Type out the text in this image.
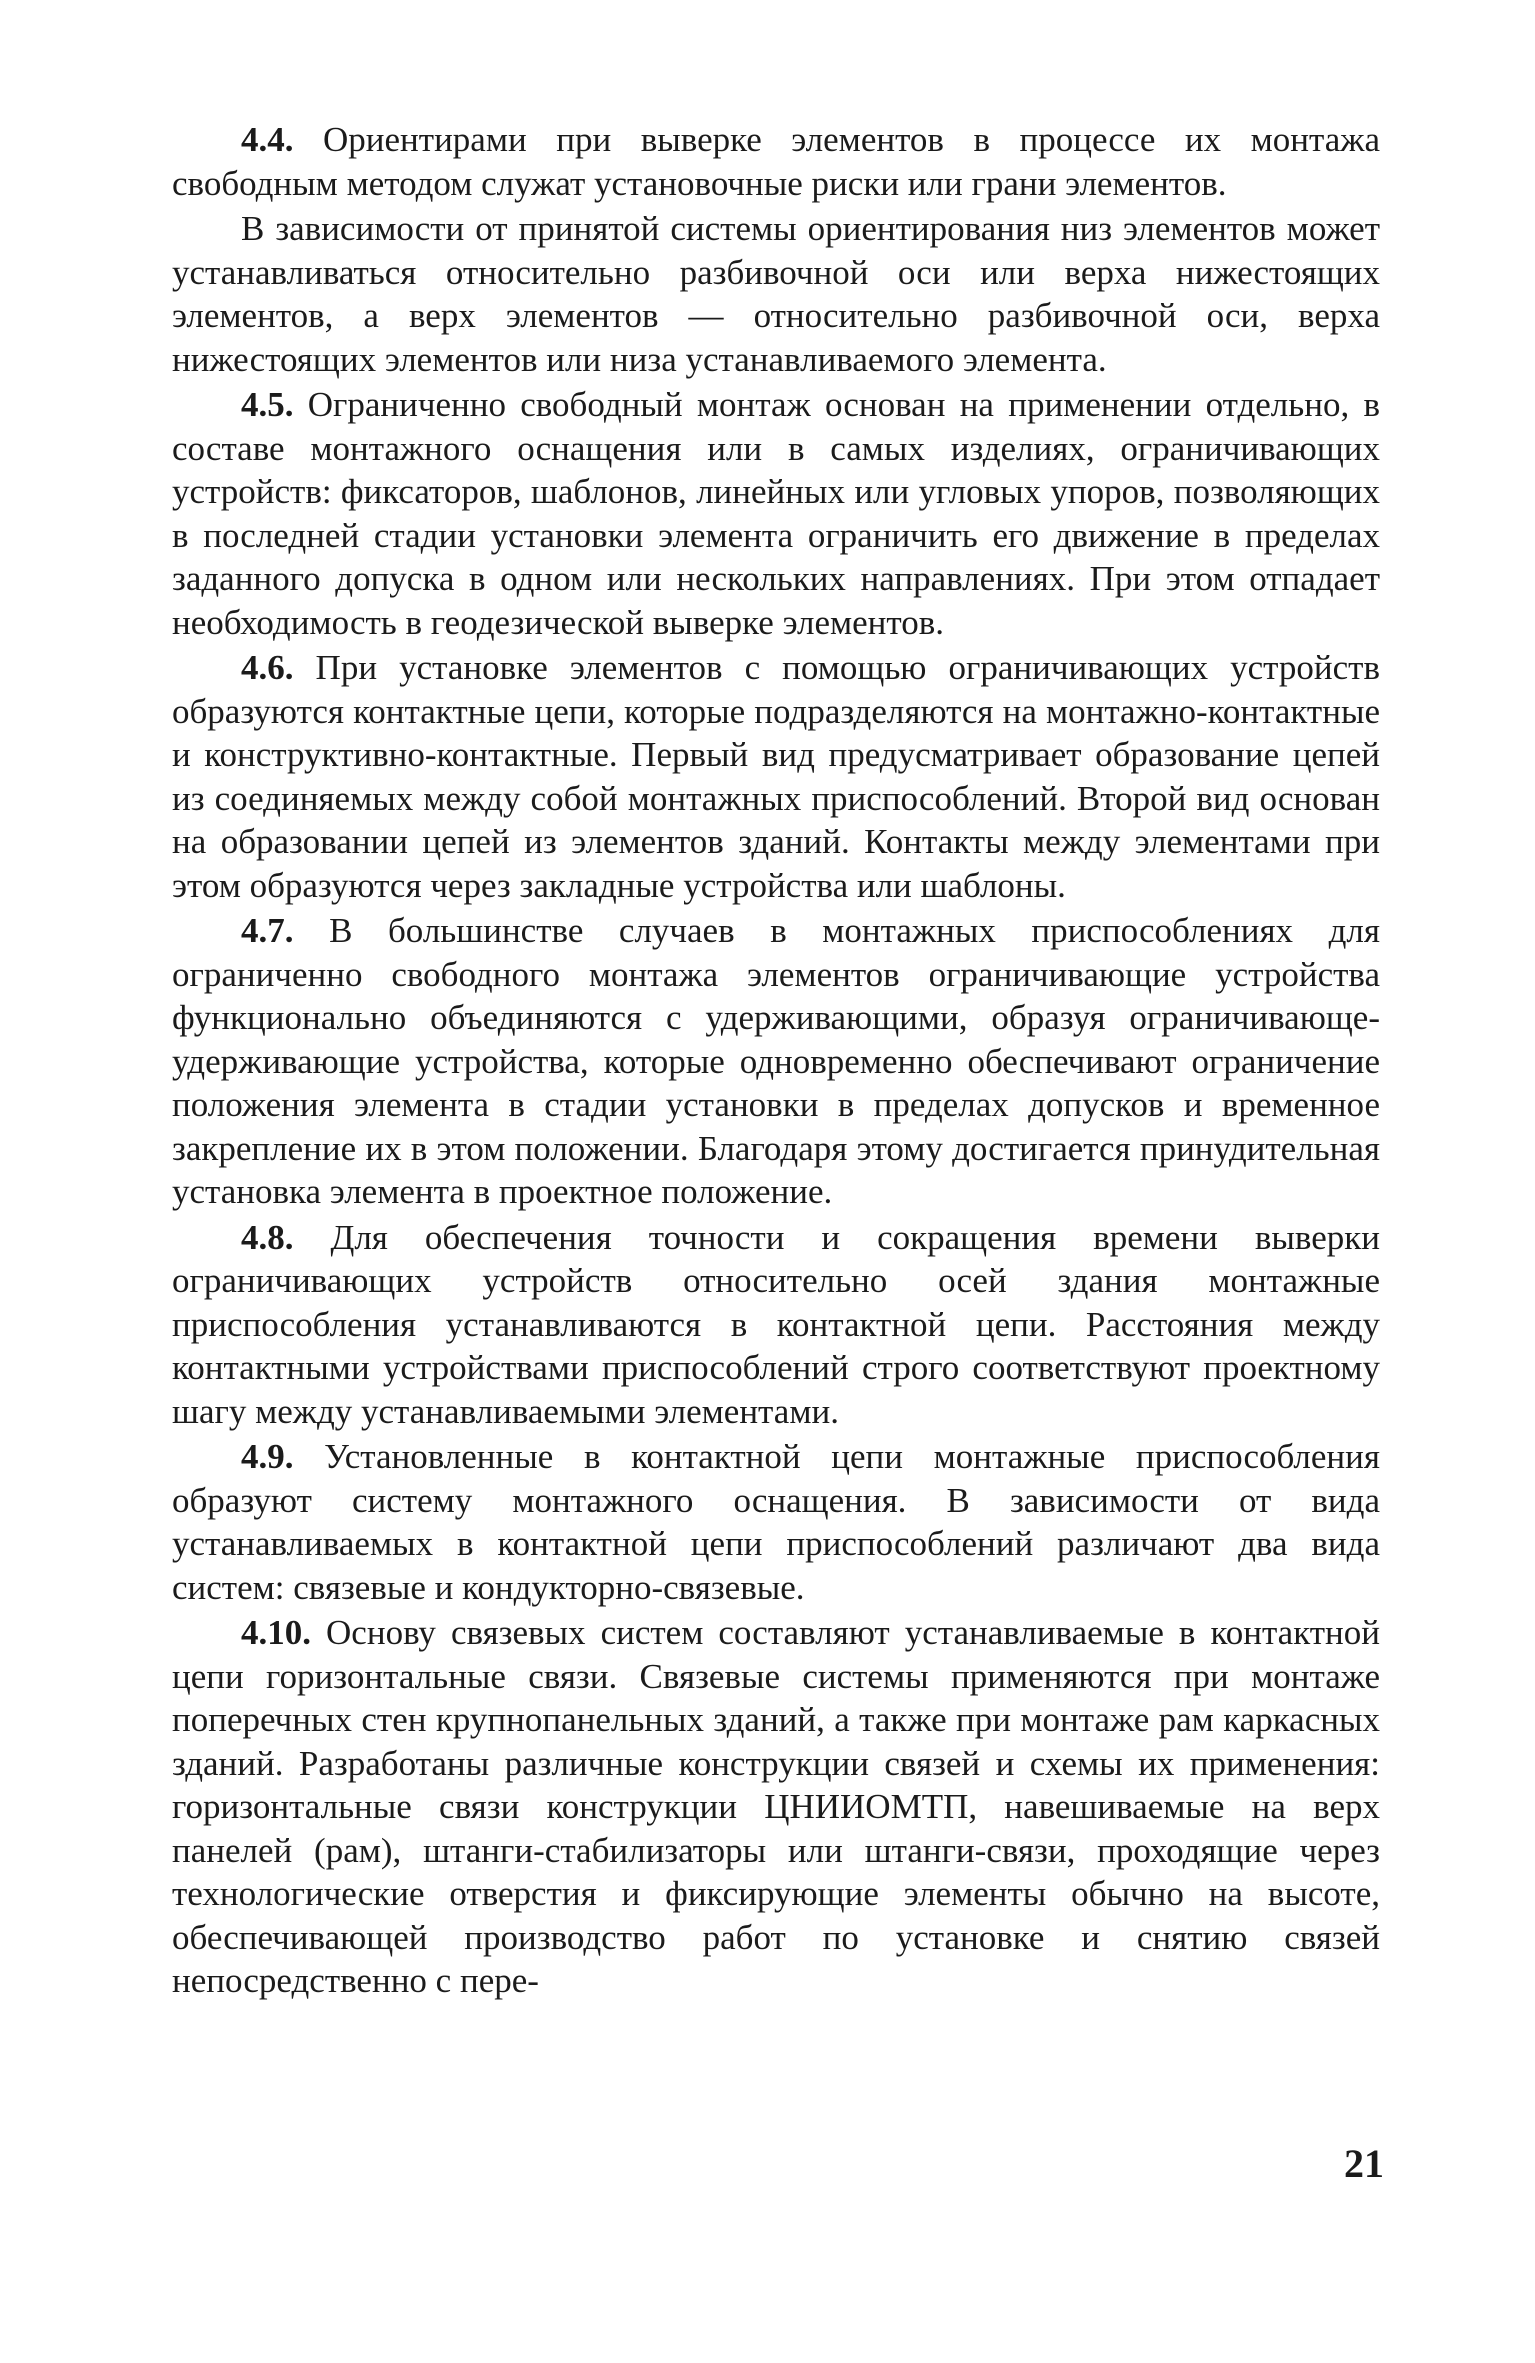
4.4. Ориентирами при выверке элементов в процессе их монтажа свободным методом служат установочные риски или грани элементов.

В зависимости от принятой системы ориентирования низ элементов может устанавливаться относительно разбивочной оси или верха нижестоящих элементов, а верх элементов — относительно разбивочной оси, верха нижестоящих элементов или низа устанавливаемого элемента.

4.5. Ограниченно свободный монтаж основан на применении отдельно, в составе монтажного оснащения или в самых изделиях, ограничивающих устройств: фиксаторов, шаблонов, линейных или угловых упоров, позволяющих в последней стадии установки элемента ограничить его движение в пределах заданного допуска в одном или нескольких направлениях. При этом отпадает необходимость в геодезической выверке элементов.

4.6. При установке элементов с помощью ограничивающих устройств образуются контактные цепи, которые подразделяются на монтажно-контактные и конструктивно-контактные. Первый вид предусматривает образование цепей из соединяемых между собой монтажных приспособлений. Второй вид основан на образовании цепей из элементов зданий. Контакты между элементами при этом образуются через закладные устройства или шаблоны.

4.7. В большинстве случаев в монтажных приспособлениях для ограниченно свободного монтажа элементов ограничивающие устройства функционально объединяются с удерживающими, образуя ограничивающе-удерживающие устройства, которые одновременно обеспечивают ограничение положения элемента в стадии установки в пределах допусков и временное закрепление их в этом положении. Благодаря этому достигается принудительная установка элемента в проектное положение.

4.8. Для обеспечения точности и сокращения времени выверки ограничивающих устройств относительно осей здания монтажные приспособления устанавливаются в контактной цепи. Расстояния между контактными устройствами приспособлений строго соответствуют проектному шагу между устанавливаемыми элементами.

4.9. Установленные в контактной цепи монтажные приспособления образуют систему монтажного оснащения. В зависимости от вида устанавливаемых в контактной цепи приспособлений различают два вида систем: связевые и кондукторно-связевые.

4.10. Основу связевых систем составляют устанавливаемые в контактной цепи горизонтальные связи. Связевые системы применяются при монтаже поперечных стен крупнопанельных зданий, а также при монтаже рам каркасных зданий. Разработаны различные конструкции связей и схемы их применения: горизонтальные связи конструкции ЦНИИОМТП, навешиваемые на верх панелей (рам), штанги-стабилизаторы или штанги-связи, проходящие через технологические отверстия и фиксирующие элементы обычно на высоте, обеспечивающей производство работ по установке и снятию связей непосредственно с пере-

21
